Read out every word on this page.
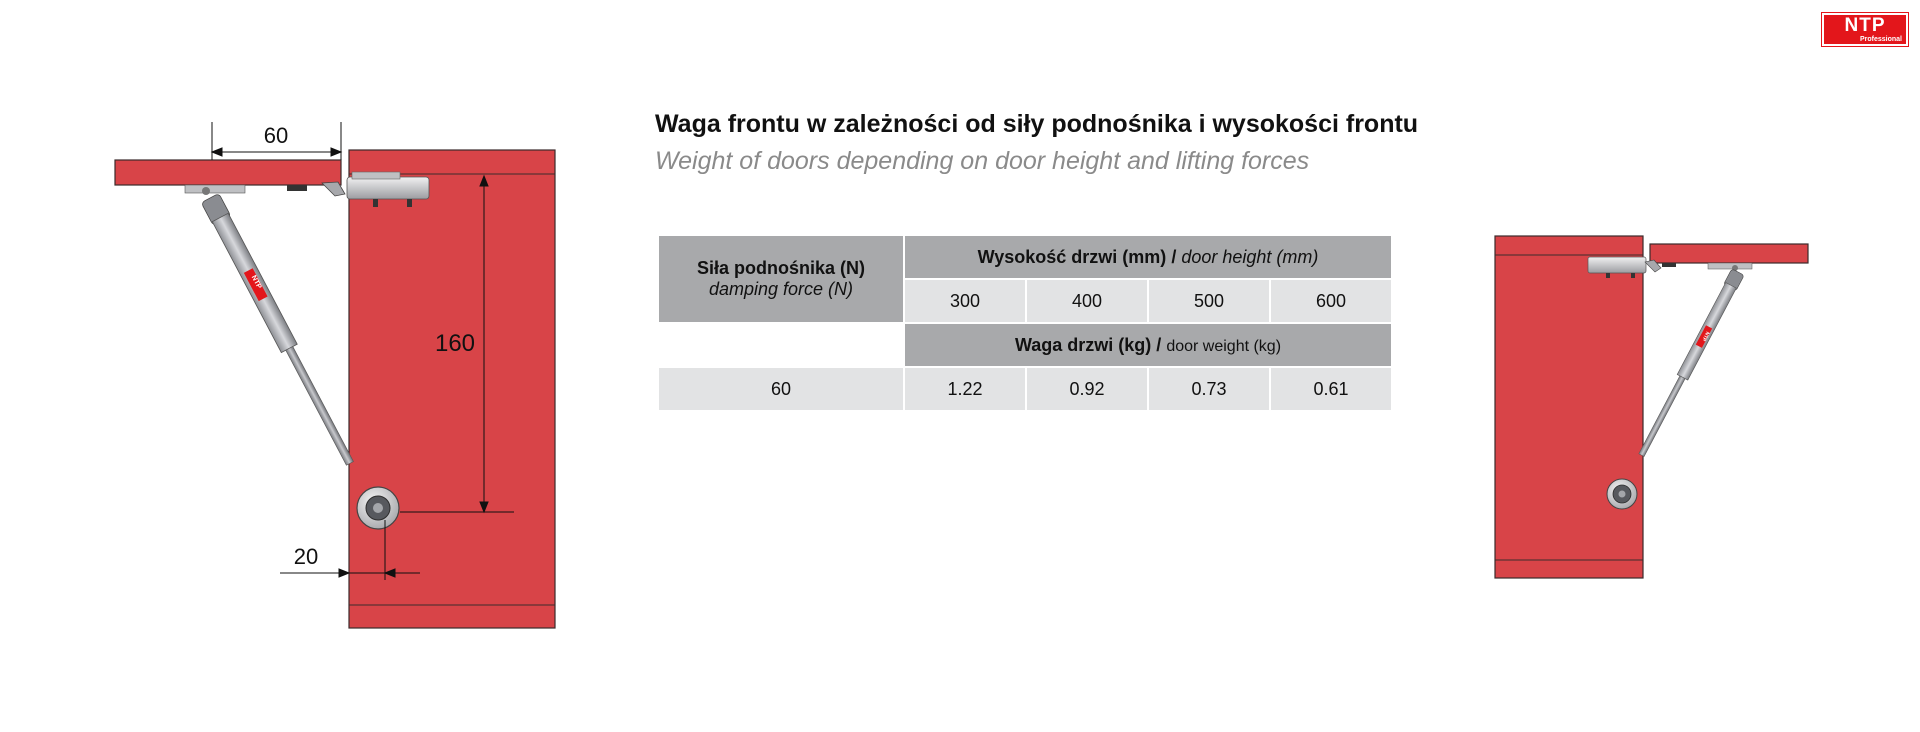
NTP
Professional
Waga frontu w zależności od siły podnośnika i wysokości frontu
Weight of doors depending on door height and lifting forces
Siła podnośnika (N)
damping force (N)	Wysokość drzwi (mm) / door height (mm)			
	300	400	500	600
	Waga drzwi (kg) / door weight (kg)			
60	1.22	0.92	0.73	0.61
NTP
60
160
20
NTP
